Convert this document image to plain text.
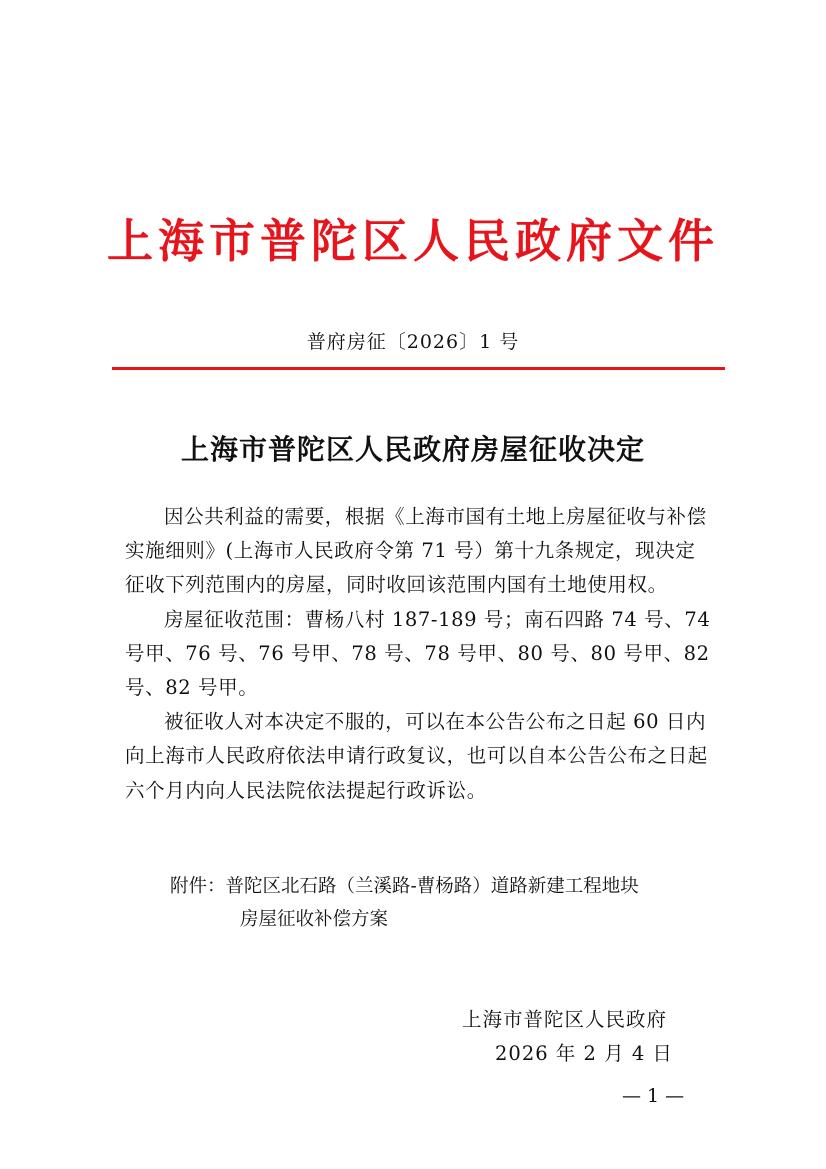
上海市普陀区人民政府文件
普府房征〔2026〕1 号
上海市普陀区人民政府房屋征收决定

因公共利益的需要，根据《上海市国有土地上房屋征收与补偿实施细则》(上海市人民政府令第 71 号）第十九条规定，现决定征收下列范围内的房屋，同时收回该范围内国有土地使用权。

房屋征收范围：曹杨八村 187-189 号；南石四路 74 号、74 号甲、76 号、76 号甲、78 号、78 号甲、80 号、80 号甲、82 号、82 号甲。

被征收人对本决定不服的，可以在本公告公布之日起 60 日内向上海市人民政府依法申请行政复议，也可以自本公告公布之日起六个月内向人民法院依法提起行政诉讼。

附件：普陀区北石路（兰溪路-曹杨路）道路新建工程地块
房屋征收补偿方案
上海市普陀区人民政府
2026 年 2 月 4 日
— 1 —
